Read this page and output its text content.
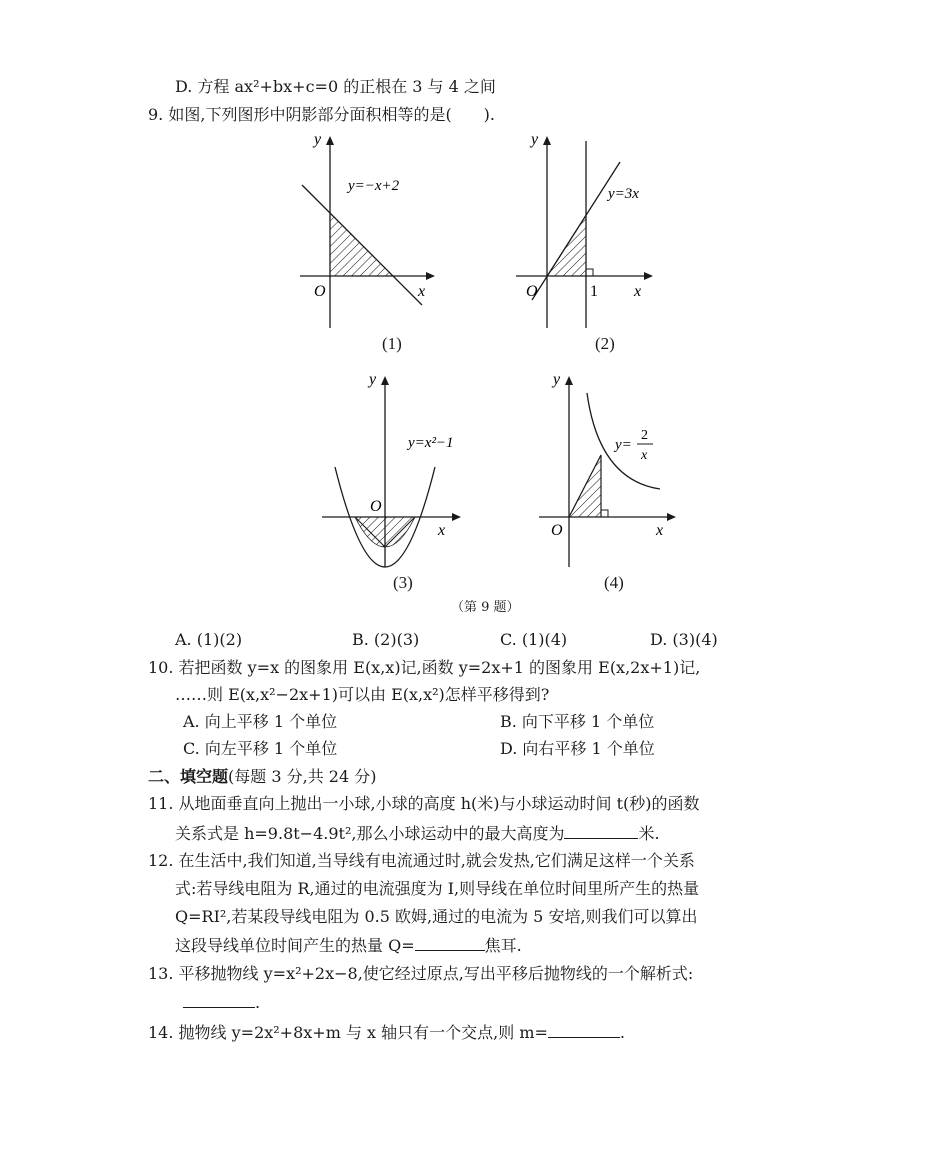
D. 方程 ax²+bx+c=0 的正根在 3 与 4 之间
9. 如图,下列图形中阴影部分面积相等的是(　　).
y
y=−x+2
O	x
(1)
y
y=3x
O	1 x
(2)
y
y=x²−1
O
x
(3)
y
y=
2
x
O	x
(4)
（第 9 题）
A. (1)(2)	B. (2)(3)	C. (1)(4)	D. (3)(4)
10. 若把函数 y=x 的图象用 E(x,x)记,函数 y=2x+1 的图象用 E(x,2x+1)记,
……则 E(x,x²−2x+1)可以由 E(x,x²)怎样平移得到?
A. 向上平移 1 个单位	B. 向下平移 1 个单位
C. 向左平移 1 个单位	D. 向右平移 1 个单位
二、填空题(每题 3 分,共 24 分)
11. 从地面垂直向上抛出一小球,小球的高度 h(米)与小球运动时间 t(秒)的函数
关系式是 h=9.8t−4.9t²,那么小球运动中的最大高度为	米.
12. 在生活中,我们知道,当导线有电流通过时,就会发热,它们满足这样一个关系
式:若导线电阻为 R,通过的电流强度为 I,则导线在单位时间里所产生的热量
Q=RI²,若某段导线电阻为 0.5 欧姆,通过的电流为 5 安培,则我们可以算出
这段导线单位时间产生的热量 Q=	焦耳.
13. 平移抛物线 y=x²+2x−8,使它经过原点,写出平移后抛物线的一个解析式:
.
14. 抛物线 y=2x²+8x+m 与 x 轴只有一个交点,则 m=	.
